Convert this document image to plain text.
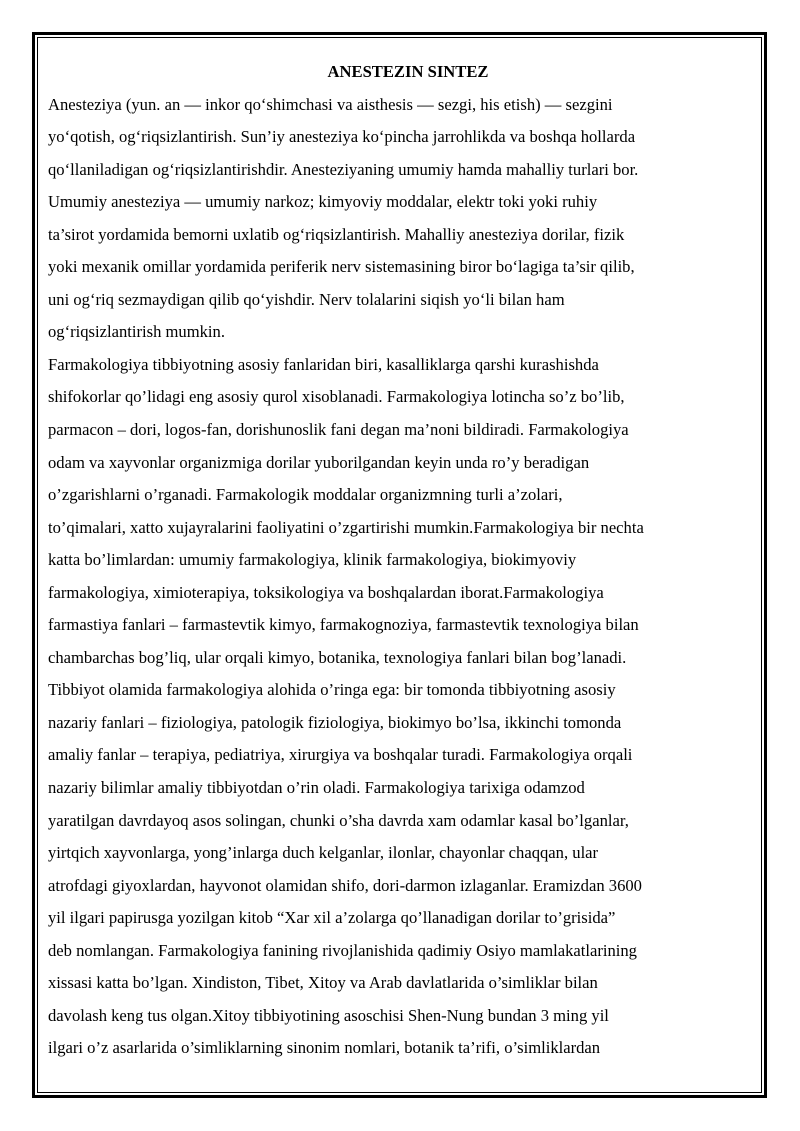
ANESTEZIN SINTEZ

Anesteziya (yun. an — inkor qoʻshimchasi va aisthesis — sezgi, his etish) — sezgini
yoʻqotish, ogʻriqsizlantirish. Sun’iy anesteziya koʻpincha jarrohlikda va boshqa hollarda
qoʻllaniladigan ogʻriqsizlantirishdir. Anesteziyaning umumiy hamda mahalliy turlari bor.
Umumiy anesteziya — umumiy narkoz; kimyoviy moddalar, elektr toki yoki ruhiy
ta’sirot yordamida bemorni uxlatib ogʻriqsizlantirish. Mahalliy anesteziya dorilar, fizik
yoki mexanik omillar yordamida periferik nerv sistemasining biror boʻlagiga ta’sir qilib,
uni ogʻriq sezmaydigan qilib qoʻyishdir. Nerv tolalarini siqish yoʻli bilan ham
ogʻriqsizlantirish mumkin.

Farmakologiya tibbiyotning asosiy fanlaridan biri, kasalliklarga qarshi kurashishda
shifokorlar qo’lidagi eng asosiy qurol xisoblanadi. Farmakologiya lotincha so’z bo’lib,
parmacon – dori, logos-fan, dorishunoslik fani degan ma’noni bildiradi. Farmakologiya
odam va xayvonlar organizmiga dorilar yuborilgandan keyin unda ro’y beradigan
o’zgarishlarni o’rganadi. Farmakologik moddalar organizmning turli a’zolari,
to’qimalari, xatto xujayralarini faoliyatini o’zgartirishi mumkin.Farmakologiya bir nechta
katta bo’limlardan: umumiy farmakologiya, klinik farmakologiya, biokimyoviy
farmakologiya, ximioterapiya, toksikologiya va boshqalardan iborat.Farmakologiya
farmastiya fanlari – farmastevtik kimyo, farmakognoziya, farmastevtik texnologiya bilan
chambarchas bog’liq, ular orqali kimyo, botanika, texnologiya fanlari bilan bog’lanadi.
Tibbiyot olamida farmakologiya alohida o’ringa ega: bir tomonda tibbiyotning asosiy
nazariy fanlari – fiziologiya, patologik fiziologiya, biokimyo bo’lsa, ikkinchi tomonda
amaliy fanlar – terapiya, pediatriya, xirurgiya va boshqalar turadi. Farmakologiya orqali
nazariy bilimlar amaliy tibbiyotdan o’rin oladi. Farmakologiya tarixiga odamzod
yaratilgan davrdayoq asos solingan, chunki o’sha davrda xam odamlar kasal bo’lganlar,
yirtqich xayvonlarga, yong’inlarga duch kelganlar, ilonlar, chayonlar chaqqan, ular
atrofdagi giyoxlardan, hayvonot olamidan shifo, dori-darmon izlaganlar. Eramizdan 3600
yil ilgari papirusga yozilgan kitob “Xar xil a’zolarga qo’llanadigan dorilar to’grisida”
deb nomlangan. Farmakologiya fanining rivojlanishida qadimiy Osiyo mamlakatlarining
xissasi katta bo’lgan. Xindiston, Tibet, Xitoy va Arab davlatlarida o’simliklar bilan
davolash keng tus olgan.Xitoy tibbiyotining asoschisi Shen-Nung bundan 3 ming yil
ilgari o’z asarlarida o’simliklarning sinonim nomlari, botanik ta’rifi, o’simliklardan
